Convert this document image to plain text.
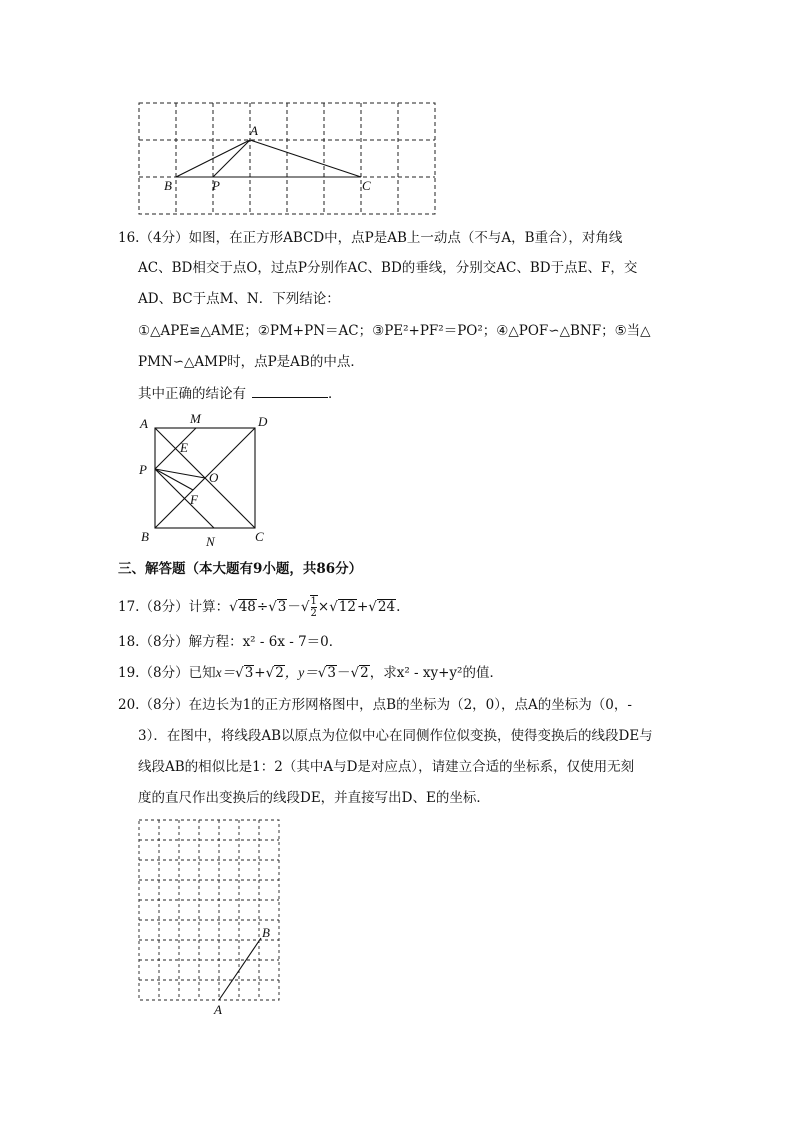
A
B	P	C
16.（4分）如图，在正方形ABCD中，点P是AB上一动点（不与A，B重合），对角线
AC、BD相交于点O，过点P分别作AC、BD的垂线，分别交AC、BD于点E、F，交
AD、BC于点M、N．下列结论：
①△APE≌△AME；②PM+PN＝AC；③PE²+PF²＝PO²；④△POF∽△BNF；⑤当△
PMN∽△AMP时，点P是AB的中点．
其中正确的结论有	．
A	M	D
E
P
O
F
B	N	C
三、解答题（本大题有9小题，共86分）
17.（8分）计算：$√48\div√3-√ \frac{1}{2} \times√12+√24$.
18.（8分）解方程：x² - 6x - 7＝0．
19.（8分）已知x＝√3+√2，y＝√3－√2，求x² - xy+y²的值．
20.（8分）在边长为1的正方形网格图中，点B的坐标为（2，0），点A的坐标为（0，-
3）．在图中，将线段AB以原点为位似中心在同侧作位似变换，使得变换后的线段DE与
线段AB的相似比是1：2（其中A与D是对应点），请建立合适的坐标系，仅使用无刻
度的直尺作出变换后的线段DE，并直接写出D、E的坐标．
A
B
